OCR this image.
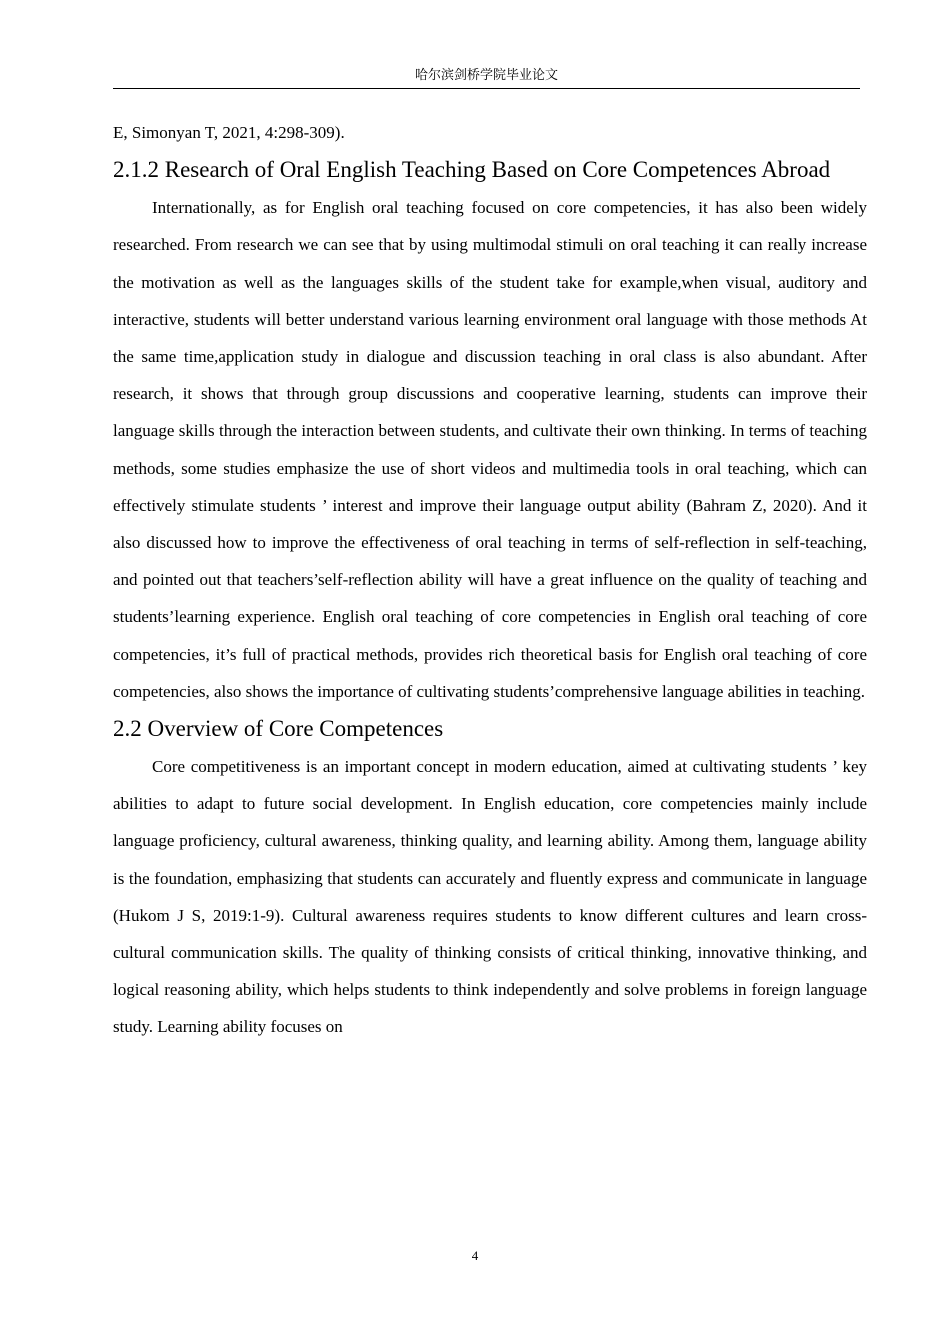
哈尔滨剑桥学院毕业论文

E, Simonyan T, 2021, 4:298-309).

2.1.2 Research of Oral English Teaching Based on Core Competences Abroad

Internationally, as for English oral teaching focused on core competencies, it has also been widely researched. From research we can see that by using multimodal stimuli on oral teaching it can really increase the motivation as well as the languages skills of the student take for example,when visual, auditory and interactive, students will better understand various learning environment oral language with those methods At the same time,application study in dialogue and discussion teaching in oral class is also abundant. After research, it shows that through group discussions and cooperative learning, students can improve their language skills through the interaction between students, and cultivate their own thinking. In terms of teaching methods, some studies emphasize the use of short videos and multimedia tools in oral teaching, which can effectively stimulate students ’ interest and improve their language output ability (Bahram Z, 2020). And it also discussed how to improve the effectiveness of oral teaching in terms of self-reflection in self-teaching, and pointed out that teachers’self-reflection ability will have a great influence on the quality of teaching and students’learning experience. English oral teaching of core competencies in English oral teaching of core competencies, it’s full of practical methods, provides rich theoretical basis for English oral teaching of core competencies, also shows the importance of cultivating students’comprehensive language abilities in teaching.

2.2 Overview of Core Competences

Core competitiveness is an important concept in modern education, aimed at cultivating students ’ key abilities to adapt to future social development. In English education, core competencies mainly include language proficiency, cultural awareness, thinking quality, and learning ability. Among them, language ability is the foundation, emphasizing that students can accurately and fluently express and communicate in language (Hukom J S, 2019:1-9). Cultural awareness requires students to know different cultures and learn cross-cultural communication skills. The quality of thinking consists of critical thinking, innovative thinking, and logical reasoning ability, which helps students to think independently and solve problems in foreign language study. Learning ability focuses on

4
